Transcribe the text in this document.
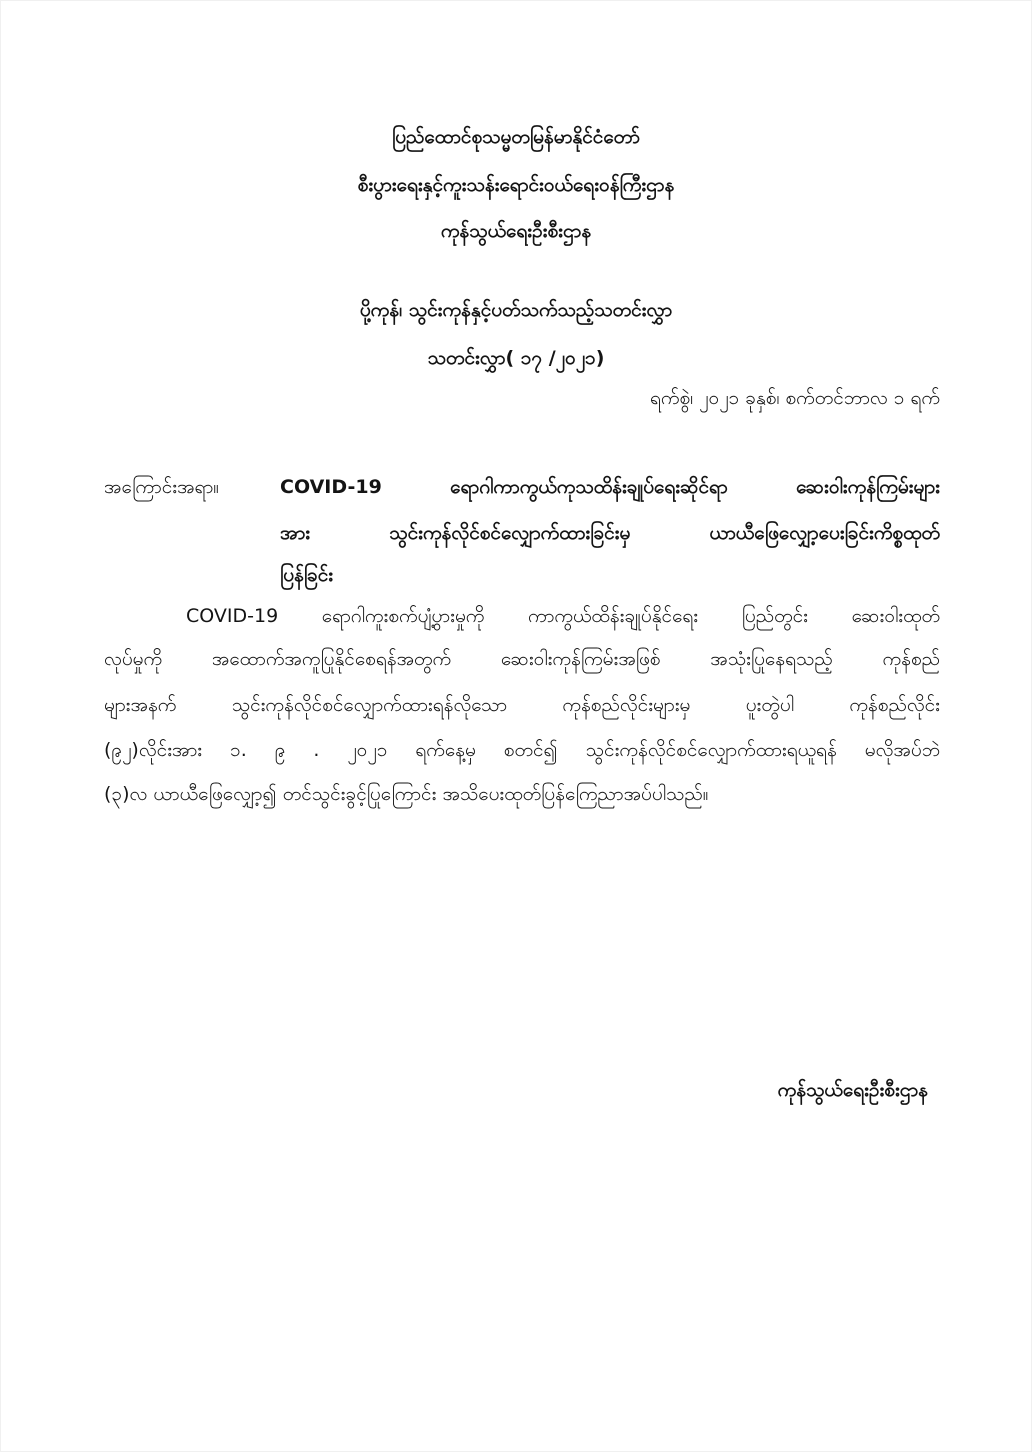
ပြည်ထောင်စုသမ္မတမြန်မာနိုင်ငံတော်
စီးပွားရေးနှင့်ကူးသန်းရောင်းဝယ်ရေးဝန်ကြီးဌာန
ကုန်သွယ်ရေးဦးစီးဌာန
ပို့ကုန်၊ သွင်းကုန်နှင့်ပတ်သက်သည့်သတင်းလွှာ
သတင်းလွှာ( ၁၇ /၂၀၂၁)
ရက်စွဲ၊ ၂၀၂၁ ခုနှစ်၊ စက်တင်ဘာလ ၁ ရက်
အကြောင်းအရာ။	COVID-19 ရောဂါကာကွယ်ကုသထိန်းချုပ်ရေးဆိုင်ရာ ဆေးဝါးကုန်ကြမ်းများ
အား သွင်းကုန်လိုင်စင်လျှောက်ထားခြင်းမှ ယာယီဖြေလျှော့ပေးခြင်းကိစ္စထုတ်
ပြန်ခြင်း
COVID-19 ရောဂါကူးစက်ပျံ့ပွားမှုကို ကာကွယ်ထိန်းချုပ်နိုင်ရေး ပြည်တွင်း ဆေးဝါးထုတ်
လုပ်မှုကို အထောက်အကူပြုနိုင်စေရန်အတွက် ဆေးဝါးကုန်ကြမ်းအဖြစ် အသုံးပြုနေရသည့် ကုန်စည်
များအနက် သွင်းကုန်လိုင်စင်လျှောက်ထားရန်လိုသော ကုန်စည်လိုင်းများမှ ပူးတွဲပါ ကုန်စည်လိုင်း
(၉၂)လိုင်းအား ၁. ၉ . ၂၀၂၁ ရက်နေ့မှ စတင်၍ သွင်းကုန်လိုင်စင်လျှောက်ထားရယူရန် မလိုအပ်ဘဲ
(၃)လ ယာယီဖြေလျှော့၍ တင်သွင်းခွင့်ပြုကြောင်း အသိပေးထုတ်ပြန်ကြေညာအပ်ပါသည်။
ကုန်သွယ်ရေးဦးစီးဌာန
